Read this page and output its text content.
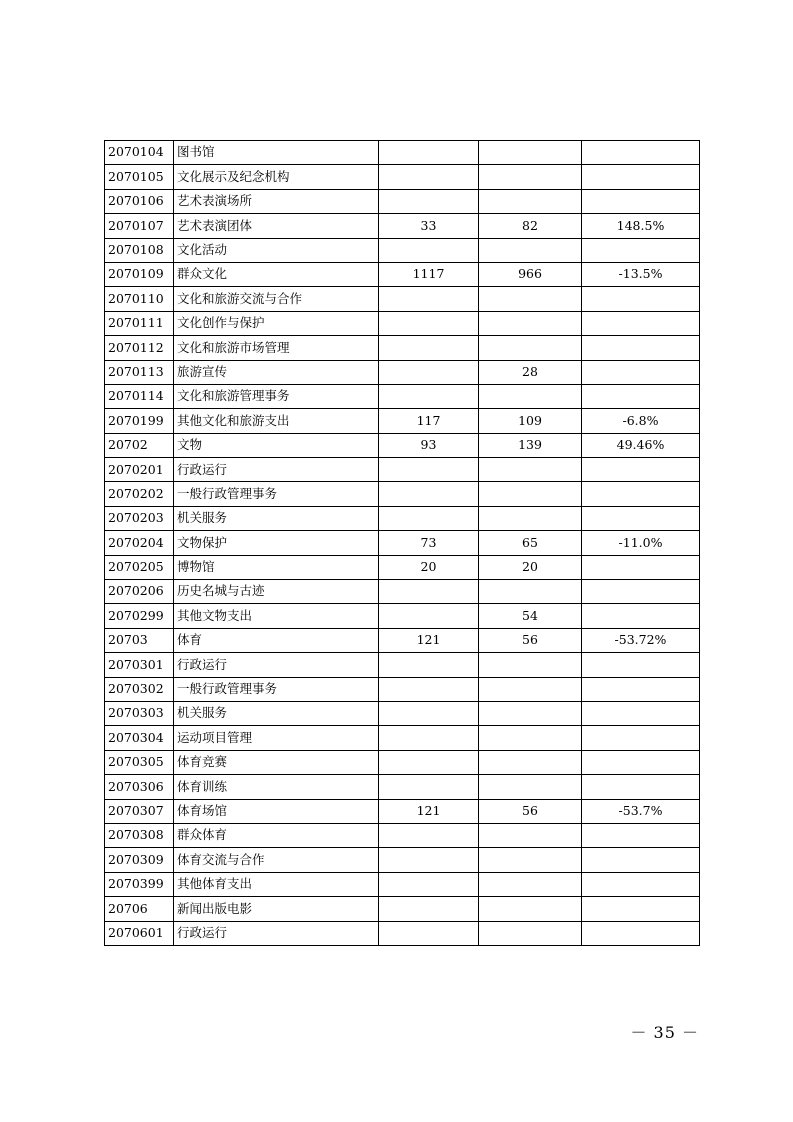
2070104	图书馆			
2070105	文化展示及纪念机构			
2070106	艺术表演场所			
2070107	艺术表演团体	33	82	148.5%
2070108	文化活动			
2070109	群众文化	1117	966	-13.5%
2070110	文化和旅游交流与合作			
2070111	文化创作与保护			
2070112	文化和旅游市场管理			
2070113	旅游宣传		28	
2070114	文化和旅游管理事务			
2070199	其他文化和旅游支出	117	109	-6.8%
20702	文物	93	139	49.46%
2070201	行政运行			
2070202	一般行政管理事务			
2070203	机关服务			
2070204	文物保护	73	65	-11.0%
2070205	博物馆	20	20	
2070206	历史名城与古迹			
2070299	其他文物支出		54	
20703	体育	121	56	-53.72%
2070301	行政运行			
2070302	一般行政管理事务			
2070303	机关服务			
2070304	运动项目管理			
2070305	体育竞赛			
2070306	体育训练			
2070307	体育场馆	121	56	-53.7%
2070308	群众体育			
2070309	体育交流与合作			
2070399	其他体育支出			
20706	新闻出版电影			
2070601	行政运行			
－ 35 －
